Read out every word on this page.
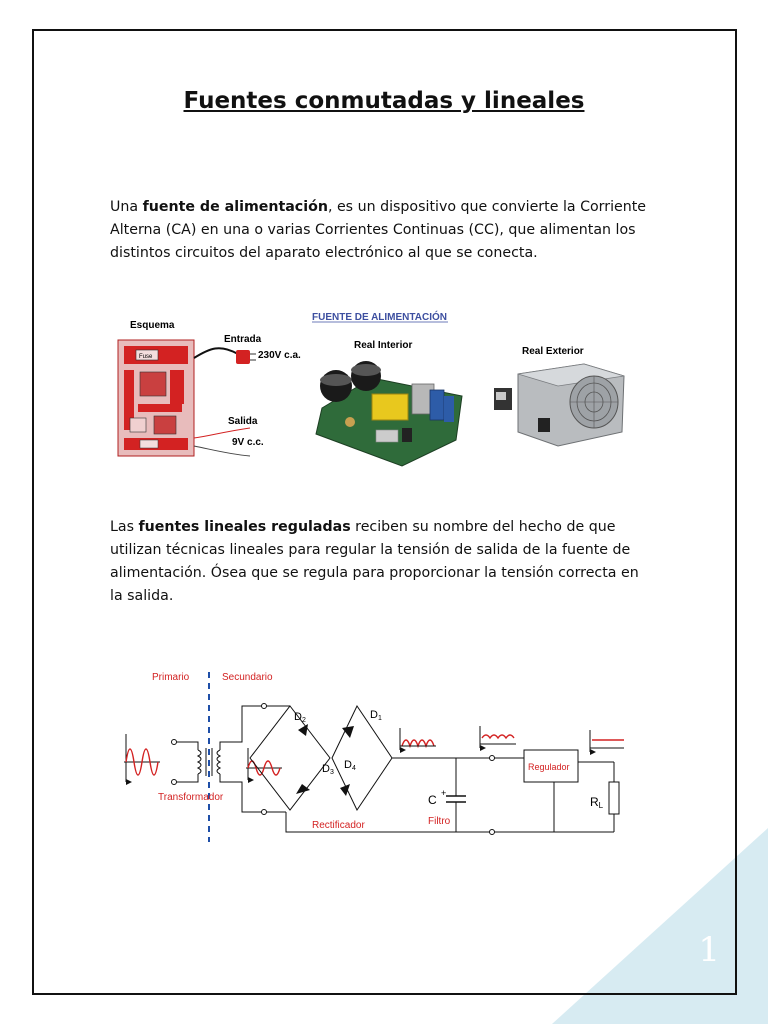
Fuentes conmutadas y lineales

Una fuente de alimentación, es un dispositivo que convierte la Corriente Alterna (CA) en una o varias Corrientes Continuas (CC), que alimentan los distintos circuitos del aparato electrónico al que se conecta.

FUENTE DE ALIMENTACIÓN
Esquema
Fuse
Entrada
230V c.a.
Salida
9V c.c.
Real Interior
Real Exterior

Las fuentes lineales reguladas reciben su nombre del hecho de que utilizan técnicas lineales para regular la tensión de salida de la fuente de alimentación. Ósea que se regula para proporcionar la tensión correcta en la salida.

Primario	Secundario
Transformador
D2	D1
D3
D4
Rectificador
C +
Filtro
Regulador
RL
1
